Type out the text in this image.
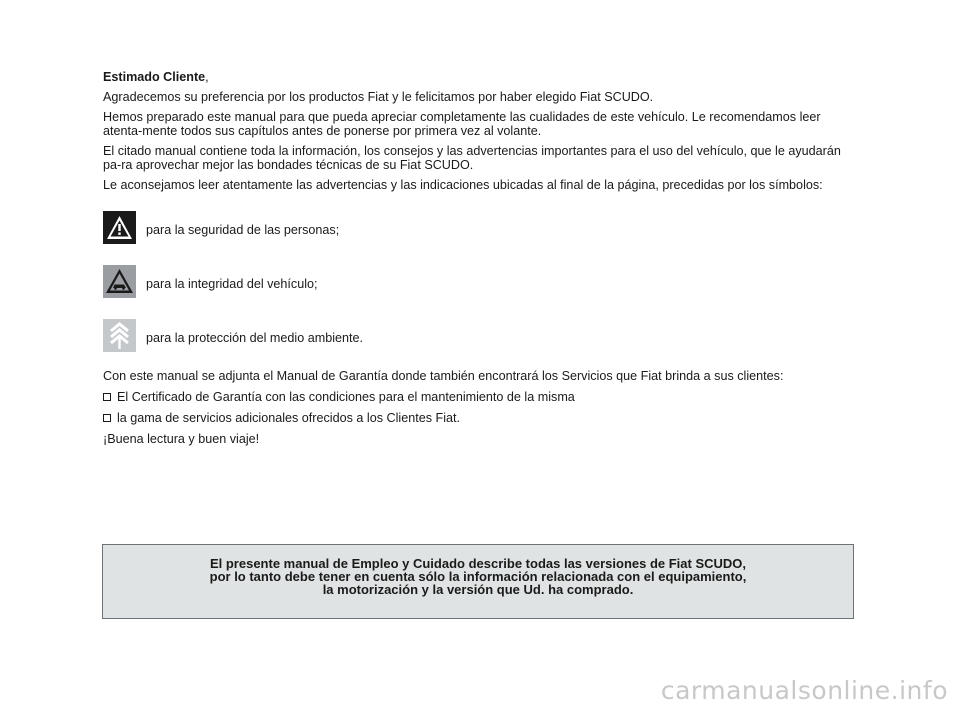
Estimado Cliente,

Agradecemos su preferencia por los productos Fiat y le felicitamos por haber elegido Fiat SCUDO.

Hemos preparado este manual para que pueda apreciar completamente las cualidades de este vehículo. Le recomendamos leer atenta-mente todos sus capítulos antes de ponerse por primera vez al volante.

El citado manual contiene toda la información, los consejos y las advertencias importantes para el uso del vehículo, que le ayudarán pa-ra aprovechar mejor las bondades técnicas de su Fiat SCUDO.

Le aconsejamos leer atentamente las advertencias y las indicaciones ubicadas al final de la página, precedidas por los símbolos:

para la seguridad de las personas;
para la integridad del vehículo;
para la protección del medio ambiente.

Con este manual se adjunta el Manual de Garantía donde también encontrará los Servicios que Fiat brinda a sus clientes:

El Certificado de Garantía con las condiciones para el mantenimiento de la misma

la gama de servicios adicionales ofrecidos a los Clientes Fiat.

¡Buena lectura y buen viaje!

El presente manual de Empleo y Cuidado describe todas las versiones de Fiat SCUDO,
por lo tanto debe tener en cuenta sólo la información relacionada con el equipamiento,
la motorización y la versión que Ud. ha comprado.
carmanualsonline.info
